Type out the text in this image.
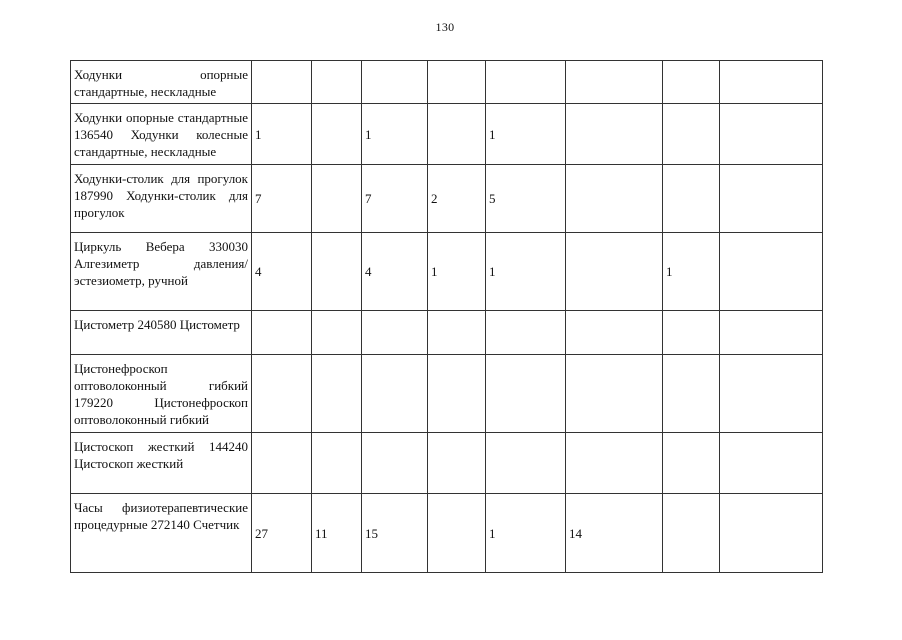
130
Ходунки опорные стандартные, нескладные									
Ходунки опорные стандартные 136540 Ходунки колесные стандартные, нескладные	1		1		1				
Ходунки-столик для прогулок 187990 Ходунки-столик для прогулок	7		7	2	5				
Циркуль Вебера 330030 Алгезиметр давления/эстезиометр, ручной	4		4	1	1		1		
Цистометр 240580 Цистометр									
Цистонефроскоп оптоволоконный гибкий 179220 Цистонефроскоп оптоволоконный гибкий									
Цистоскоп жесткий 144240 Цистоскоп жесткий									
Часы физиотерапевтические процедурные 272140 Счетчик	27	11	15		1	14			
